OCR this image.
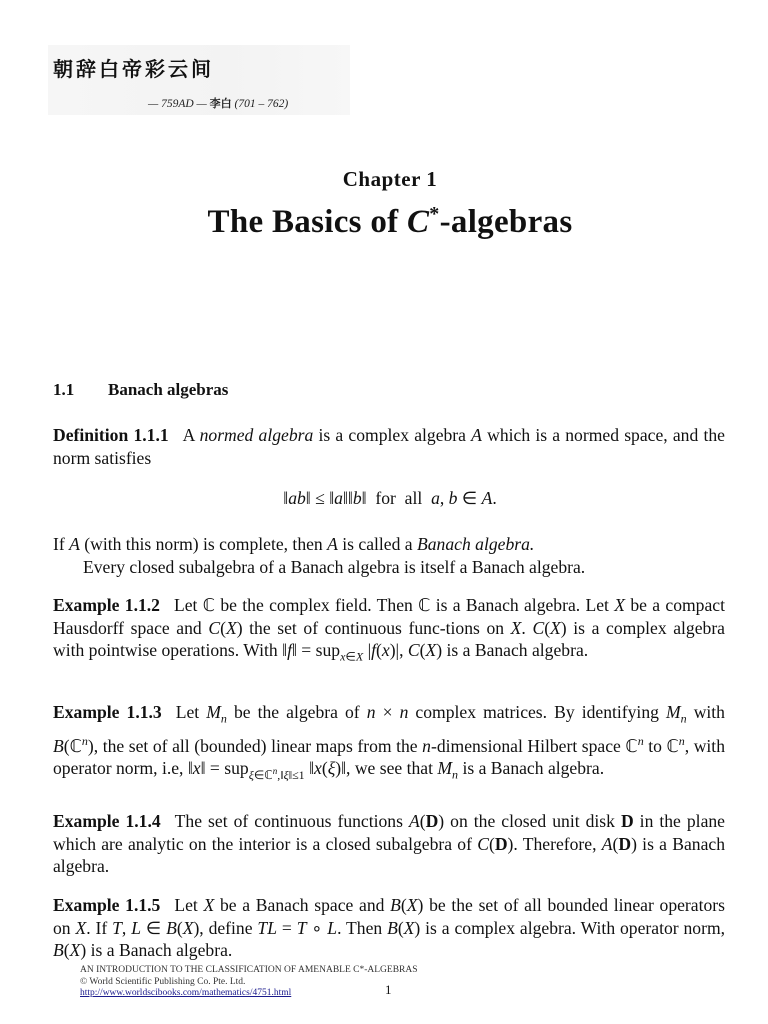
朝辞白帝彩云间
— 759AD — 李白 (701 – 762)
Chapter 1
The Basics of C*-algebras
1.1 Banach algebras
Definition 1.1.1 A normed algebra is a complex algebra A which is a normed space, and the norm satisfies
‖ab‖ ≤ ‖a‖‖b‖  for  all  a, b ∈ A.
If A (with this norm) is complete, then A is called a Banach algebra.
Every closed subalgebra of a Banach algebra is itself a Banach algebra.
Example 1.1.2 Let ℂ be the complex field. Then ℂ is a Banach algebra. Let X be a compact Hausdorff space and C(X) the set of continuous func-tions on X. C(X) is a complex algebra with pointwise operations. With ‖f‖ = sup$_{x\in X}$ |f(x)|, C(X) is a Banach algebra.
Example 1.1.3 Let $M_n$ be the algebra of n × n complex matrices. By identifying $M_n$ with B(ℂ$^n$), the set of all (bounded) linear maps from the n-dimensional Hilbert space ℂ$^n$ to ℂ$^n$, with operator norm, i.e, ‖x‖ = sup$_{\xi\in ℂ^n,‖\xi‖\le 1}$ ‖x(ξ)‖, we see that $M_n$ is a Banach algebra.
Example 1.1.4 The set of continuous functions A(D) on the closed unit disk D in the plane which are analytic on the interior is a closed subalgebra of C(D). Therefore, A(D) is a Banach algebra.
Example 1.1.5 Let X be a Banach space and B(X) be the set of all bounded linear operators on X. If T, L ∈ B(X), define TL = T ∘ L. Then B(X) is a complex algebra. With operator norm, B(X) is a Banach algebra.
AN INTRODUCTION TO THE CLASSIFICATION OF AMENABLE C*-ALGEBRAS
© World Scientific Publishing Co. Pte. Ltd.
http://www.worldscibooks.com/mathematics/4751.html	1
